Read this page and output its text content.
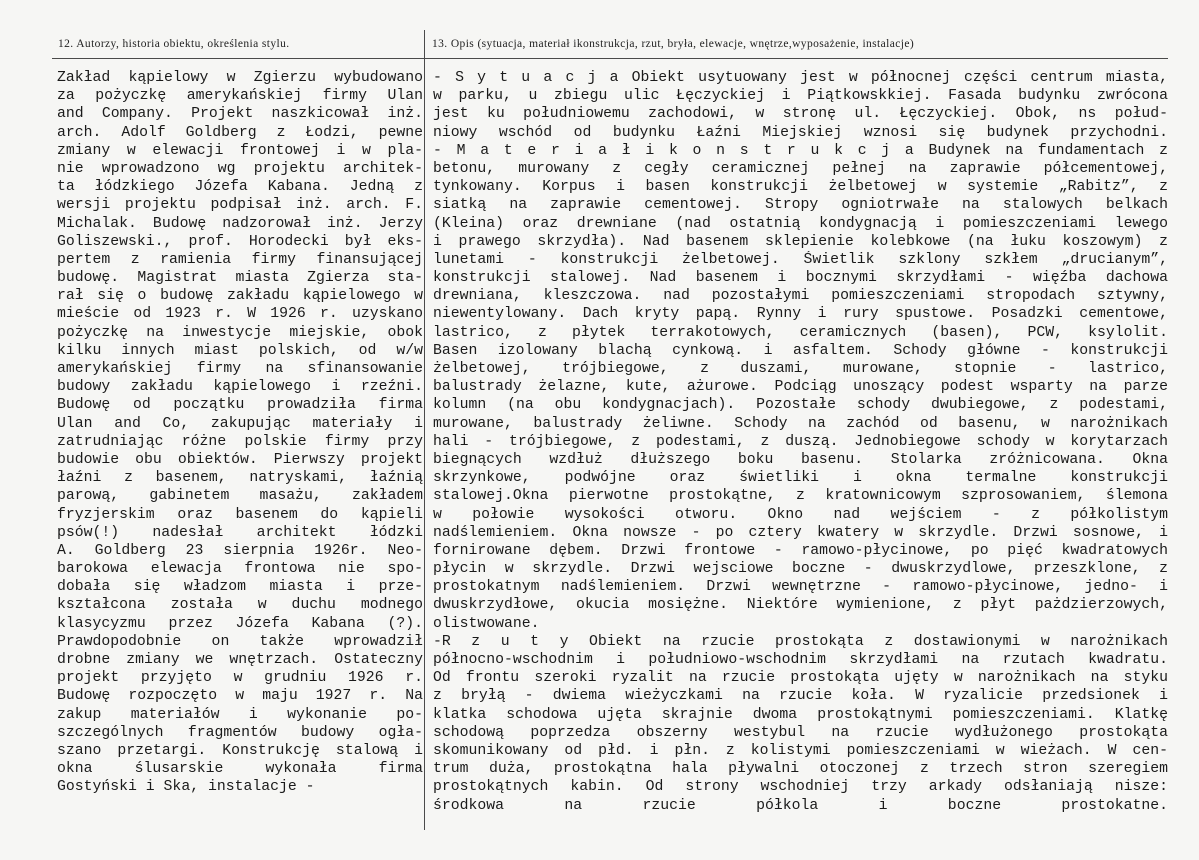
12. Autorzy, historia obiektu, określenia stylu.	13. Opis (sytuacja, materiał ikonstrukcja, rzut, bryła, elewacje, wnętrze,wyposażenie, instalacje)
Zakład kąpielowy w Zgierzu wybudowano
za pożyczkę amerykańskiej firmy Ulan
and Company. Projekt naszkicował inż.
arch. Adolf Goldberg z Łodzi, pewne
zmiany w elewacji frontowej i w pla-
nie wprowadzono wg projektu architek-
ta łódzkiego Józefa Kabana. Jedną z
wersji projektu podpisał inż. arch. F.
Michalak. Budowę nadzorował inż. Jerzy
Goliszewski., prof. Horodecki był eks-
pertem z ramienia firmy finansującej
budowę. Magistrat miasta Zgierza sta-
rał się o budowę zakładu kąpielowego w
mieście od 1923 r. W 1926 r. uzyskano
pożyczkę na inwestycje miejskie, obok
kilku innych miast polskich, od w/w
amerykańskiej firmy na sfinansowanie
budowy zakładu kąpielowego i rzeźni.
Budowę od początku prowadziła firma
Ulan and Co, zakupując materiały i
zatrudniając różne polskie firmy przy
budowie obu obiektów. Pierwszy projekt
łaźni z basenem, natryskami, łaźnią
parową, gabinetem masażu, zakładem
fryzjerskim oraz basenem do kąpieli
psów(!) nadesłał architekt łódzki
A. Goldberg 23 sierpnia 1926r. Neo-
barokowa elewacja frontowa nie spo-
dobała się władzom miasta i prze-
kształcona została w duchu modnego
klasycyzmu przez Józefa Kabana (?).
Prawdopodobnie on także wprowadził
drobne zmiany we wnętrzach. Ostateczny
projekt przyjęto w grudniu 1926 r.
Budowę rozpoczęto w maju 1927 r. Na
zakup materiałów i wykonanie po-
szczególnych fragmentów budowy ogła-
szano przetargi. Konstrukcję stalową i
okna ślusarskie wykonała firma
Gostyński i Ska, instalacje -
- S y t u a c j a Obiekt usytuowany jest w północnej części centrum miasta,
w parku, u zbiegu ulic Łęczyckiej i Piątkowskkiej. Fasada budynku zwrócona
jest ku południowemu zachodowi, w stronę ul. Łęczyckiej. Obok, ns połud-
niowy wschód od budynku Łaźni Miejskiej wznosi się budynek przychodni.
- M a t e r i a ł i k o n s t r u k c j a Budynek na fundamentach z
betonu, murowany z cegły ceramicznej pełnej na zaprawie półcementowej,
tynkowany. Korpus i basen konstrukcji żelbetowej w systemie „Rabitz”, z
siatką na zaprawie cementowej. Stropy ogniotrwałe na stalowych belkach
(Kleina) oraz drewniane (nad ostatnią kondygnacją i pomieszczeniami lewego
i prawego skrzydła). Nad basenem sklepienie kolebkowe (na łuku koszowym) z
lunetami - konstrukcji żelbetowej. Świetlik szklony szkłem „drucianym”,
konstrukcji stalowej. Nad basenem i bocznymi skrzydłami - więźba dachowa
drewniana, kleszczowa. nad pozostałymi pomieszczeniami stropodach sztywny,
niewentylowany. Dach kryty papą. Rynny i rury spustowe. Posadzki cementowe,
lastrico, z płytek terrakotowych, ceramicznych (basen), PCW, ksylolit.
Basen izolowany blachą cynkową. i asfaltem. Schody główne - konstrukcji
żelbetowej, trójbiegowe, z duszami, murowane, stopnie - lastrico,
balustrady żelazne, kute, ażurowe. Podciąg unoszący podest wsparty na parze
kolumn (na obu kondygnacjach). Pozostałe schody dwubiegowe, z podestami,
murowane, balustrady żeliwne. Schody na zachód od basenu, w narożnikach
hali - trójbiegowe, z podestami, z duszą. Jednobiegowe schody w korytarzach
biegnących wzdłuż dłuższego boku basenu. Stolarka zróżnicowana. Okna
skrzynkowe, podwójne oraz świetliki i okna termalne konstrukcji
stalowej.Okna pierwotne prostokątne, z kratownicowym szprosowaniem, ślemona
w połowie wysokości otworu. Okno nad wejściem - z półkolistym
nadślemieniem. Okna nowsze - po cztery kwatery w skrzydle. Drzwi sosnowe, i
fornirowane dębem. Drzwi frontowe - ramowo-płycinowe, po pięć kwadratowych
płycin w skrzydle. Drzwi wejsciowe boczne - dwuskrzydlowe, przeszklone, z
prostokatnym nadślemieniem. Drzwi wewnętrzne - ramowo-płycinowe, jedno- i
dwuskrzydłowe, okucia mosiężne. Niektóre wymienione, z płyt pażdzierzowych,
olistwowane.
-R z u t y Obiekt na rzucie prostokąta z dostawionymi w narożnikach
północno-wschodnim i południowo-wschodnim skrzydłami na rzutach kwadratu.
Od frontu szeroki ryzalit na rzucie prostokąta ujęty w narożnikach na styku
z bryłą - dwiema wieżyczkami na rzucie koła. W ryzalicie przedsionek i
klatka schodowa ujęta skrajnie dwoma prostokątnymi pomieszczeniami. Klatkę
schodową poprzedza obszerny westybul na rzucie wydłużonego prostokąta
skomunikowany od płd. i płn. z kolistymi pomieszczeniami w wieżach. W cen-
trum duża, prostokątna hala pływalni otoczonej z trzech stron szeregiem
prostokątnych kabin. Od strony wschodniej trzy arkady odsłaniają nisze:
środkowa na rzucie półkola i boczne prostokatne.
